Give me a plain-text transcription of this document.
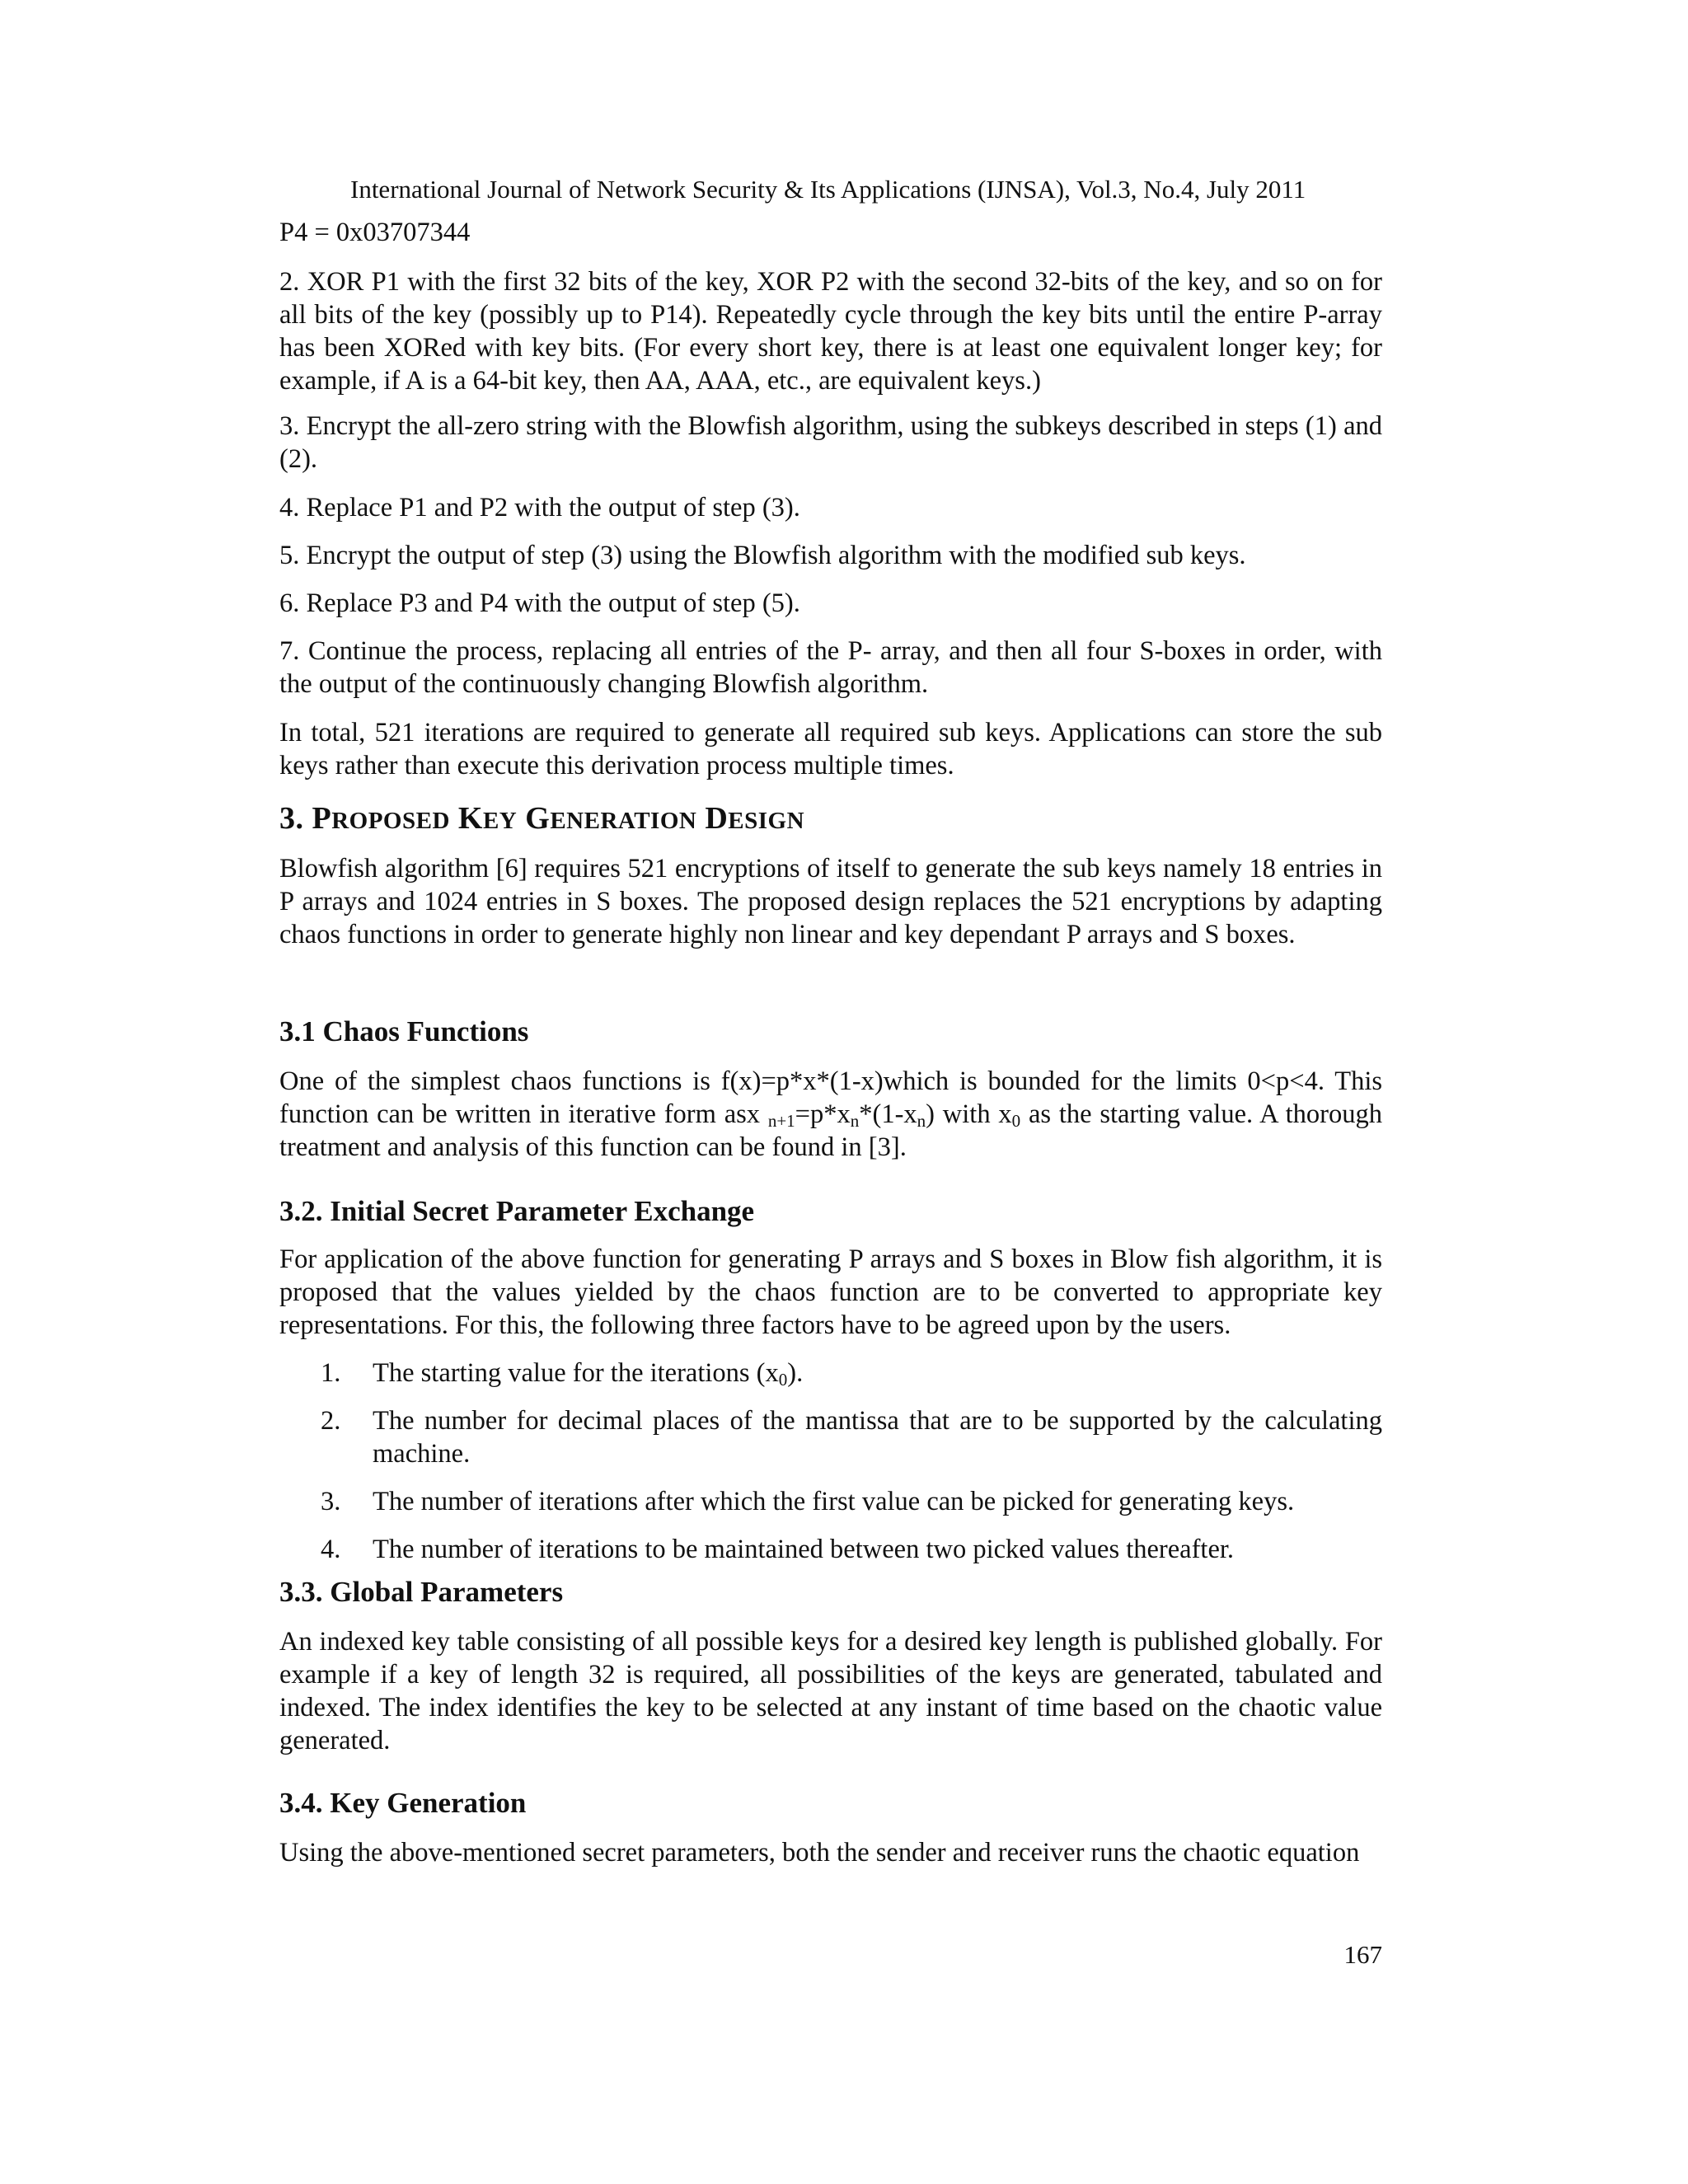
International Journal of Network Security & Its Applications (IJNSA), Vol.3, No.4, July 2011
P4 = 0x03707344
2. XOR P1 with the first 32 bits of the key, XOR P2 with the second 32-bits of the key, and so on for all bits of the key (possibly up to P14). Repeatedly cycle through the key bits until the entire P-array has been XORed with key bits. (For every short key, there is at least one equivalent longer key; for example, if A is a 64-bit key, then AA, AAA, etc., are equivalent keys.)
3. Encrypt the all-zero string with the Blowfish algorithm, using the subkeys described in steps (1) and (2).
4. Replace P1 and P2 with the output of step (3).
5. Encrypt the output of step (3) using the Blowfish algorithm with the modified sub keys.
6. Replace P3 and P4 with the output of step (5).
7. Continue the process, replacing all entries of the P- array, and then all four S-boxes in order, with the output of the continuously changing Blowfish algorithm.
In total, 521 iterations are required to generate all required sub keys. Applications can store the sub keys rather than execute this derivation process multiple times.
3. PROPOSED KEY GENERATION DESIGN
Blowfish algorithm [6] requires 521 encryptions of itself to generate the sub keys namely 18 entries in P arrays and 1024 entries in S boxes. The proposed design replaces the 521 encryptions by adapting chaos functions in order to generate highly non linear and key dependant P arrays and S boxes.
3.1 Chaos Functions
One of the simplest chaos functions is f(x)=p*x*(1-x)which is bounded for the limits 0<p<4. This function can be written in iterative form asx $_{n+1}=p*x_n*(1-x_n)$ with $x_0$ as the starting value. A thorough treatment and analysis of this function can be found in [3].
3.2. Initial Secret Parameter Exchange
For application of the above function for generating P arrays and S boxes in Blow fish algorithm, it is proposed that the values yielded by the chaos function are to be converted to appropriate key representations. For this, the following three factors have to be agreed upon by the users.
1.	The starting value for the iterations $(x_0)$.
2.	The number for decimal places of the mantissa that are to be supported by the calculating machine.
3.	The number of iterations after which the first value can be picked for generating keys.
4.	The number of iterations to be maintained between two picked values thereafter.
3.3. Global Parameters
An indexed key table consisting of all possible keys for a desired key length is published globally. For example if a key of length 32 is required, all possibilities of the keys are generated, tabulated and indexed. The index identifies the key to be selected at any instant of time based on the chaotic value generated.
3.4. Key Generation
Using the above-mentioned secret parameters, both the sender and receiver runs the chaotic equation
167
